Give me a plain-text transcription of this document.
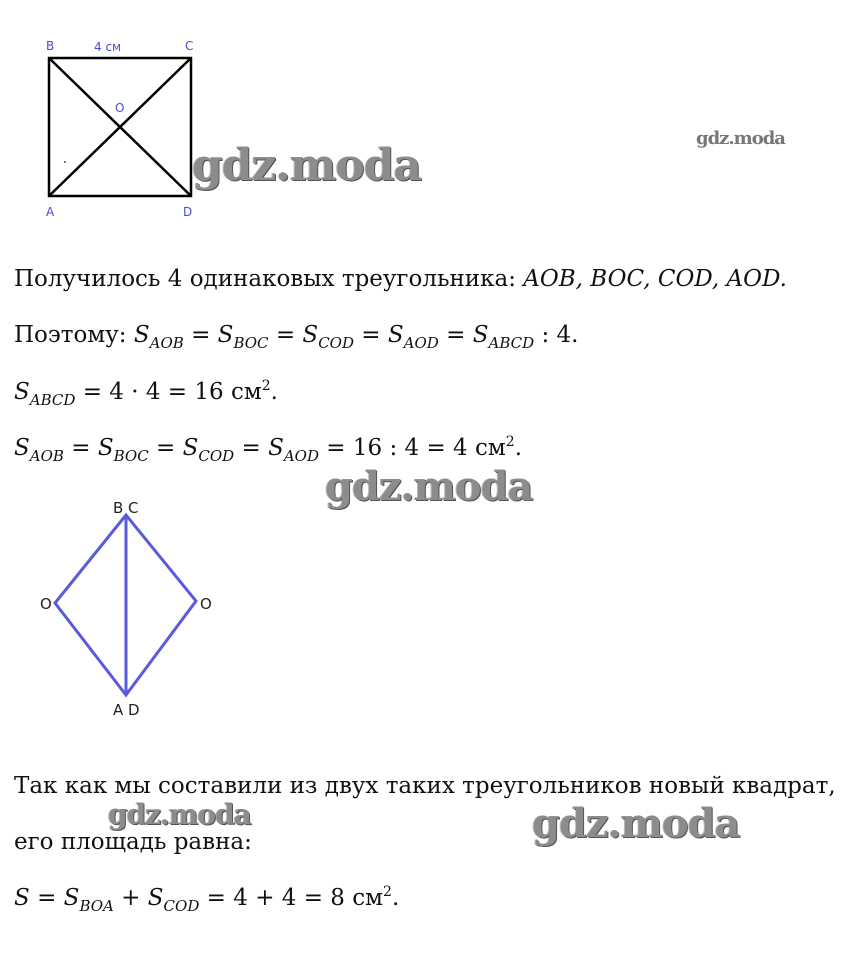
B	C
4 см
O
A	D
gdz.moda
gdz.moda
gdz.moda
gdz.moda	gdz.moda
Получилось 4 одинаковых треугольника: AOB, BOC, COD, AOD.
Поэтому: $S_{AOB} = S_{BOC} = S_{COD} = S_{AOD} = S_{ABCD}$ : 4.
$S_{ABCD} = 4 \cdot 4 = 16$ $см^2$.
$S_{AOB} = S_{BOC} = S_{COD} = S_{AOD} = 16$ : 4 = 4 $см^2$.
B C
O	O
A D
Так как мы составили из двух таких треугольников новый квадрат,
его площадь равна:
$S = S_{BOA} + S_{COD} = 4 + 4 = 8$ $см^2$.
